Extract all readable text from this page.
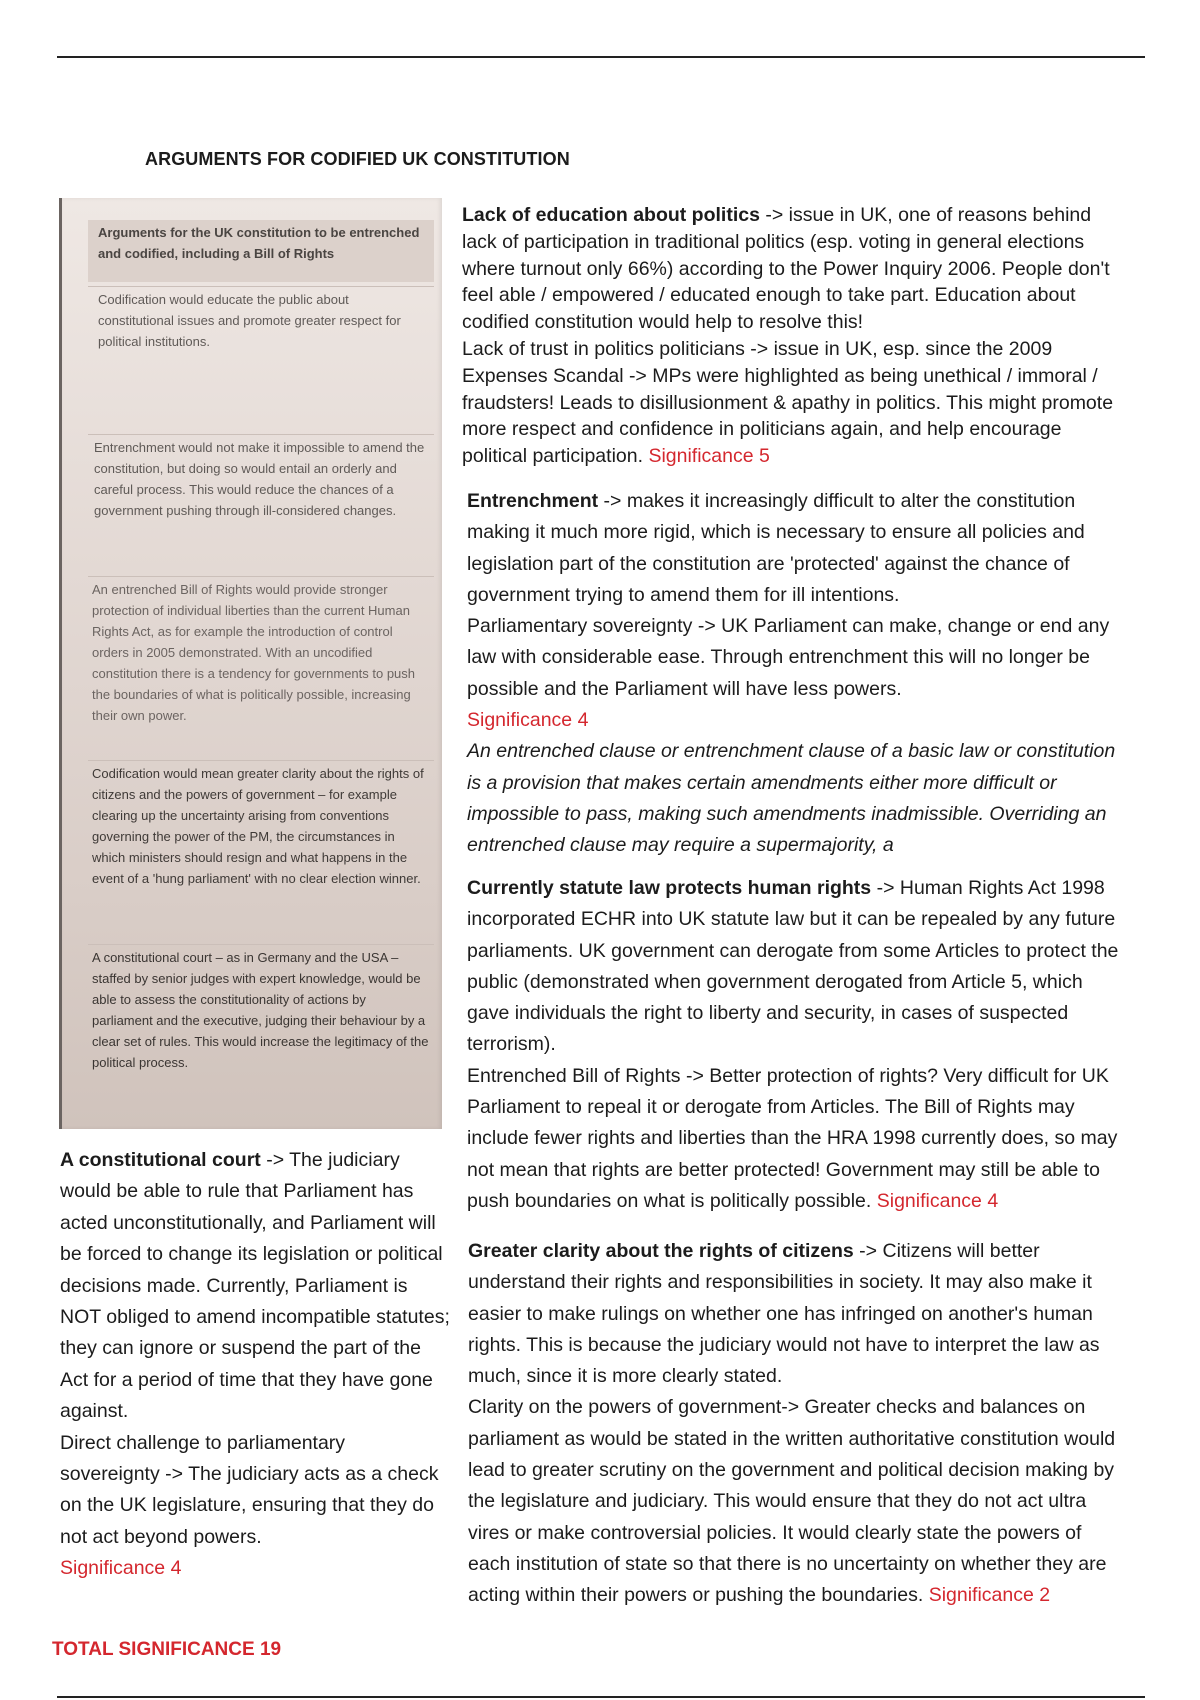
ARGUMENTS FOR CODIFIED UK CONSTITUTION
Arguments for the UK constitution to be entrenched and codified, including a Bill of Rights
Codification would educate the public about constitutional issues and promote greater respect for political institutions.
Entrenchment would not make it impossible to amend the constitution, but doing so would entail an orderly and careful process. This would reduce the chances of a government pushing through ill-considered changes.
An entrenched Bill of Rights would provide stronger protection of individual liberties than the current Human Rights Act, as for example the introduction of control orders in 2005 demonstrated. With an uncodified constitution there is a tendency for governments to push the boundaries of what is politically possible, increasing their own power.
Codification would mean greater clarity about the rights of citizens and the powers of government – for example clearing up the uncertainty arising from conventions governing the power of the PM, the circumstances in which ministers should resign and what happens in the event of a 'hung parliament' with no clear election winner.
A constitutional court – as in Germany and the USA – staffed by senior judges with expert knowledge, would be able to assess the constitutionality of actions by parliament and the executive, judging their behaviour by a clear set of rules. This would increase the legitimacy of the political process.

Lack of education about politics -> issue in UK, one of reasons behind lack of participation in traditional politics (esp. voting in general elections where turnout only 66%) according to the Power Inquiry 2006. People don't feel able / empowered / educated enough to take part. Education about codified constitution would help to resolve this!

Lack of trust in politics politicians -> issue in UK, esp. since the 2009 Expenses Scandal -> MPs were highlighted as being unethical / immoral / fraudsters! Leads to disillusionment & apathy in politics. This might promote more respect and confidence in politicians again, and help encourage political participation. Significance 5

Entrenchment -> makes it increasingly difficult to alter the constitution making it much more rigid, which is necessary to ensure all policies and legislation part of the constitution are 'protected' against the chance of government trying to amend them for ill intentions.

Parliamentary sovereignty -> UK Parliament can make, change or end any law with considerable ease. Through entrenchment this will no longer be possible and the Parliament will have less powers.

Significance 4

An entrenched clause or entrenchment clause of a basic law or constitution is a provision that makes certain amendments either more difficult or impossible to pass, making such amendments inadmissible. Overriding an entrenched clause may require a supermajority, a

Currently statute law protects human rights -> Human Rights Act 1998 incorporated ECHR into UK statute law but it can be repealed by any future parliaments. UK government can derogate from some Articles to protect the public (demonstrated when government derogated from Article 5, which gave individuals the right to liberty and security, in cases of suspected terrorism).

Entrenched Bill of Rights -> Better protection of rights? Very difficult for UK Parliament to repeal it or derogate from Articles. The Bill of Rights may include fewer rights and liberties than the HRA 1998 currently does, so may not mean that rights are better protected! Government may still be able to push boundaries on what is politically possible. Significance 4

Greater clarity about the rights of citizens -> Citizens will better understand their rights and responsibilities in society. It may also make it easier to make rulings on whether one has infringed on another's human rights. This is because the judiciary would not have to interpret the law as much, since it is more clearly stated.

Clarity on the powers of government-> Greater checks and balances on parliament as would be stated in the written authoritative constitution would lead to greater scrutiny on the government and political decision making by the legislature and judiciary. This would ensure that they do not act ultra vires or make controversial policies. It would clearly state the powers of each institution of state so that there is no uncertainty on whether they are acting within their powers or pushing the boundaries. Significance 2

A constitutional court -> The judiciary would be able to rule that Parliament has acted unconstitutionally, and Parliament will be forced to change its legislation or political decisions made. Currently, Parliament is NOT obliged to amend incompatible statutes; they can ignore or suspend the part of the Act for a period of time that they have gone against.

Direct challenge to parliamentary sovereignty -> The judiciary acts as a check on the UK legislature, ensuring that they do not act beyond powers.

Significance 4

TOTAL SIGNIFICANCE 19
